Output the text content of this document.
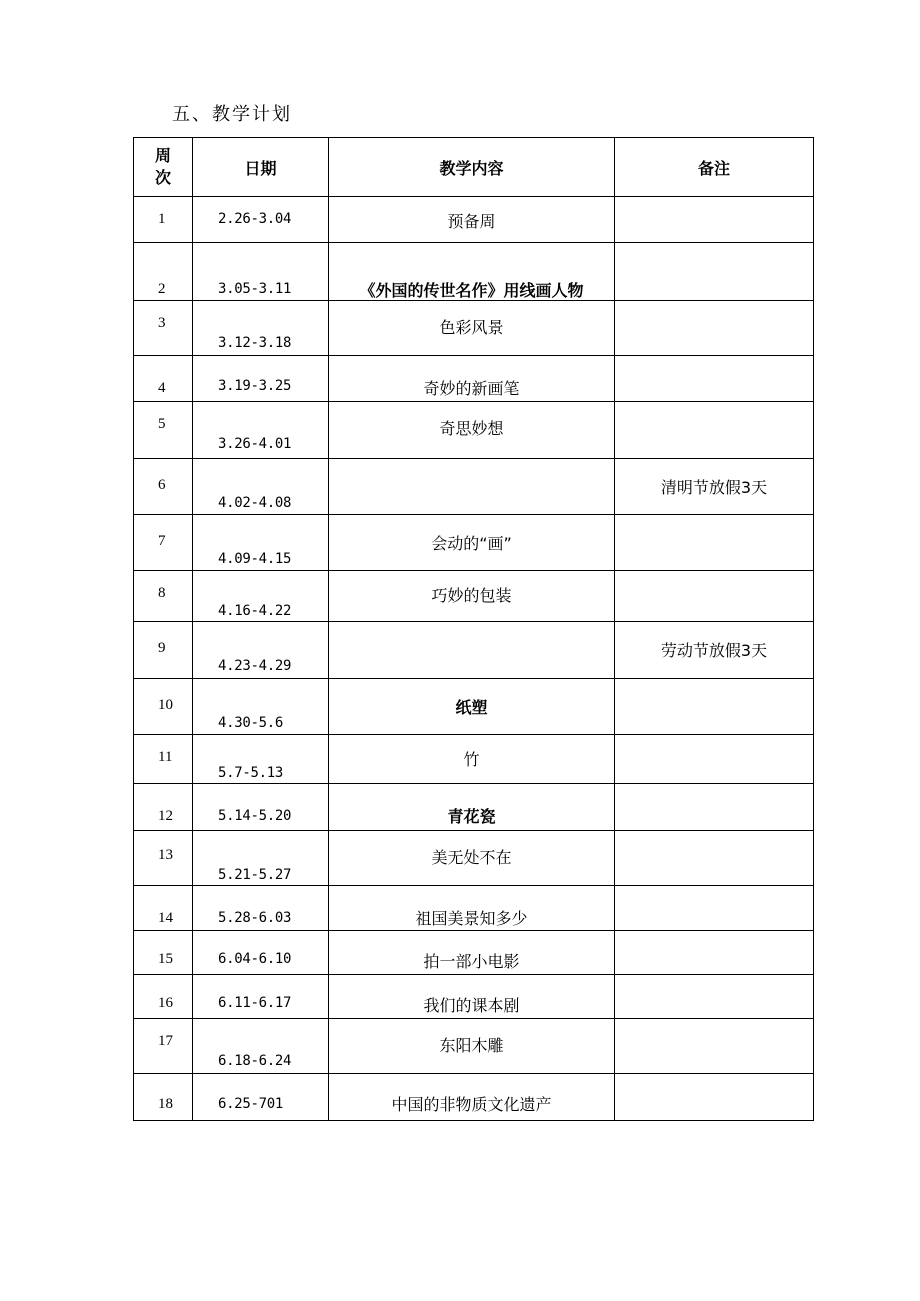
五、教学计划
周
次	日期	教学内容	备注

1	2.26-3.04	预备周	

2	3.05-3.11	《外国的传世名作》用线画人物	

3	3.12-3.18	色彩风景	

4	3.19-3.25	奇妙的新画笔	

5	3.26-4.01	奇思妙想	

6	4.02-4.08		清明节放假3天

7	4.09-4.15	会动的“画”	

8	4.16-4.22	巧妙的包装	

9	4.23-4.29		劳动节放假3天

10	4.30-5.6	纸塑	

11	5.7-5.13	竹	

12	5.14-5.20	青花瓷	

13	5.21-5.27	美无处不在	

14	5.28-6.03	祖国美景知多少	

15	6.04-6.10	拍一部小电影	

16	6.11-6.17	我们的课本剧	

17	6.18-6.24	东阳木雕	

18	6.25-701	中国的非物质文化遗产	
